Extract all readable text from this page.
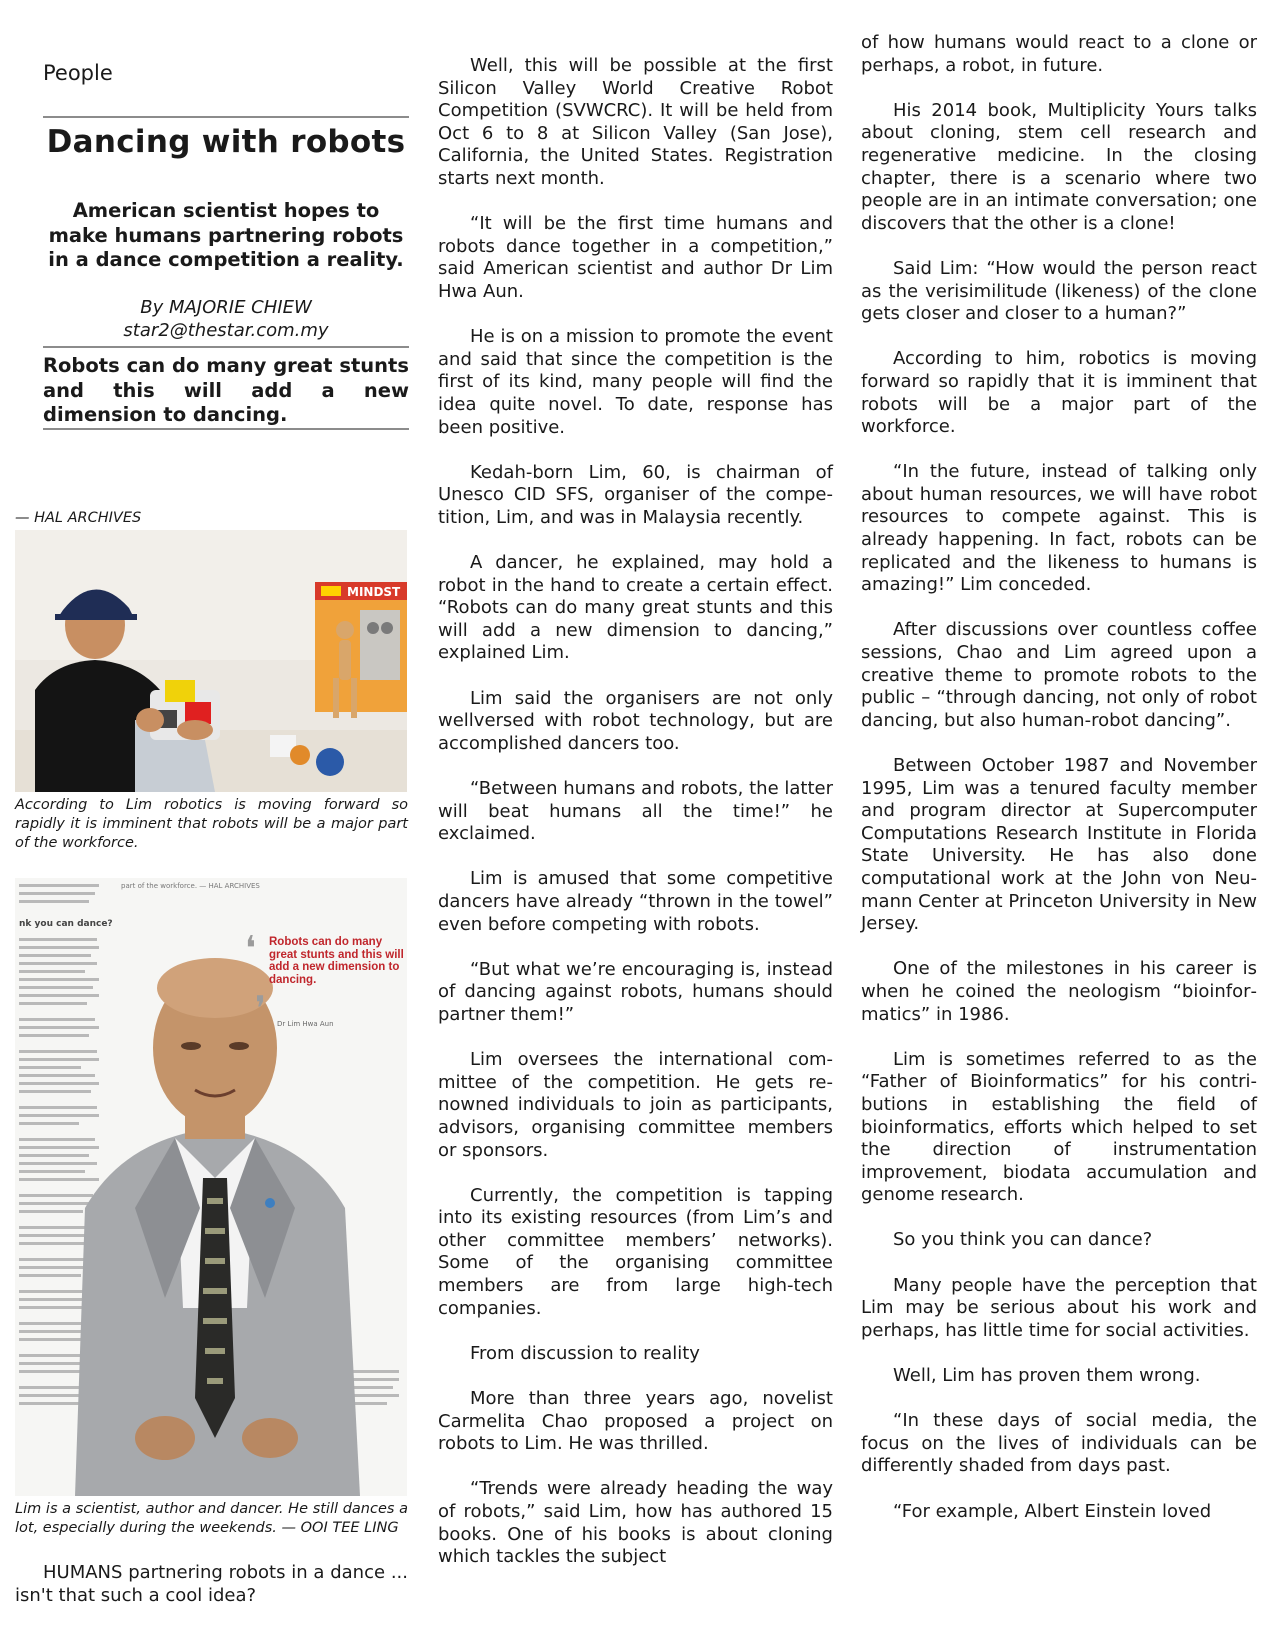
People
Dancing with robots
American scientist hopes to make humans partnering robots in a dance competition a reality.
By MAJORIE CHIEW
star2@thestar.com.my
Robots can do many great stunts and this will add a new dimension to dancing.
— HAL ARCHIVES
MINDST
According to Lim robotics is moving forward so rapidly it is imminent that robots will be a major part of the workforce.
nk you can dance?
part of the workforce. — HAL ARCHIVES
❛
❜
Robots can do many great stunts and this will add a new dimension to dancing.
Dr Lim Hwa Aun
Lim is a scientist, author and dancer. He still dances a lot, especially during the weekends. — OOI TEE LING
HUMANS partnering robots in a dance ... isn't that such a cool idea?

Well, this will be possible at the first Silicon Valley World Creative Robot Competition (SVWCRC). It will be held from Oct 6 to 8 at Silicon Valley (San Jose), California, the United States. Registration starts next month.

“It will be the first time humans and robots dance together in a competition,” said American scientist and author Dr Lim Hwa Aun.

He is on a mission to promote the event and said that since the competition is the first of its kind, many people will find the idea quite novel. To date, response has been positive.

Kedah-born Lim, 60, is chairman of Unesco CID SFS, organiser of the competition, Lim, and was in Malaysia recently.

A dancer, he explained, may hold a robot in the hand to create a certain effect. “Robots can do many great stunts and this will add a new dimension to dancing,” explained Lim.

Lim said the organisers are not only wellversed with robot technology, but are accomplished dancers too.

“Between humans and robots, the latter will beat humans all the time!” he exclaimed.

Lim is amused that some competitive dancers have already “thrown in the towel” even before competing with robots.

“But what we’re encouraging is, instead of dancing against robots, humans should partner them!”

Lim oversees the international committee of the competition. He gets renowned individuals to join as participants, advisors, organising committee members or sponsors.

Currently, the competition is tapping into its existing resources (from Lim’s and other committee members’ networks). Some of the organising committee members are from large high-tech companies.

From discussion to reality

More than three years ago, novelist Carmelita Chao proposed a project on robots to Lim. He was thrilled.

“Trends were already heading the way of robots,” said Lim, how has authored 15 books. One of his books is about cloning which tackles the subject

of how humans would react to a clone or perhaps, a robot, in future.

His 2014 book, Multiplicity Yours talks about cloning, stem cell research and regenerative medicine. In the closing chapter, there is a scenario where two people are in an intimate conversation; one discovers that the other is a clone!

Said Lim: “How would the person react as the verisimilitude (likeness) of the clone gets closer and closer to a human?”

According to him, robotics is moving forward so rapidly that it is imminent that robots will be a major part of the workforce.

“In the future, instead of talking only about human resources, we will have robot resources to compete against. This is already happening. In fact, robots can be replicated and the likeness to humans is amazing!” Lim conceded.

After discussions over countless coffee sessions, Chao and Lim agreed upon a creative theme to promote robots to the public – “through dancing, not only of robot dancing, but also human-robot dancing”.

Between October 1987 and November 1995, Lim was a tenured faculty member and program director at Supercomputer Computations Research Institute in Florida State University. He has also done computational work at the John von Neumann Center at Princeton University in New Jersey.

One of the milestones in his career is when he coined the neologism “bioinformatics” in 1986.

Lim is sometimes referred to as the “Father of Bioinformatics” for his contributions in establishing the field of bioinformatics, efforts which helped to set the direction of instrumentation improvement, biodata accumulation and genome research.

So you think you can dance?

Many people have the perception that Lim may be serious about his work and perhaps, has little time for social activities.

Well, Lim has proven them wrong.

“In these days of social media, the focus on the lives of individuals can be differently shaded from days past.

“For example, Albert Einstein loved
